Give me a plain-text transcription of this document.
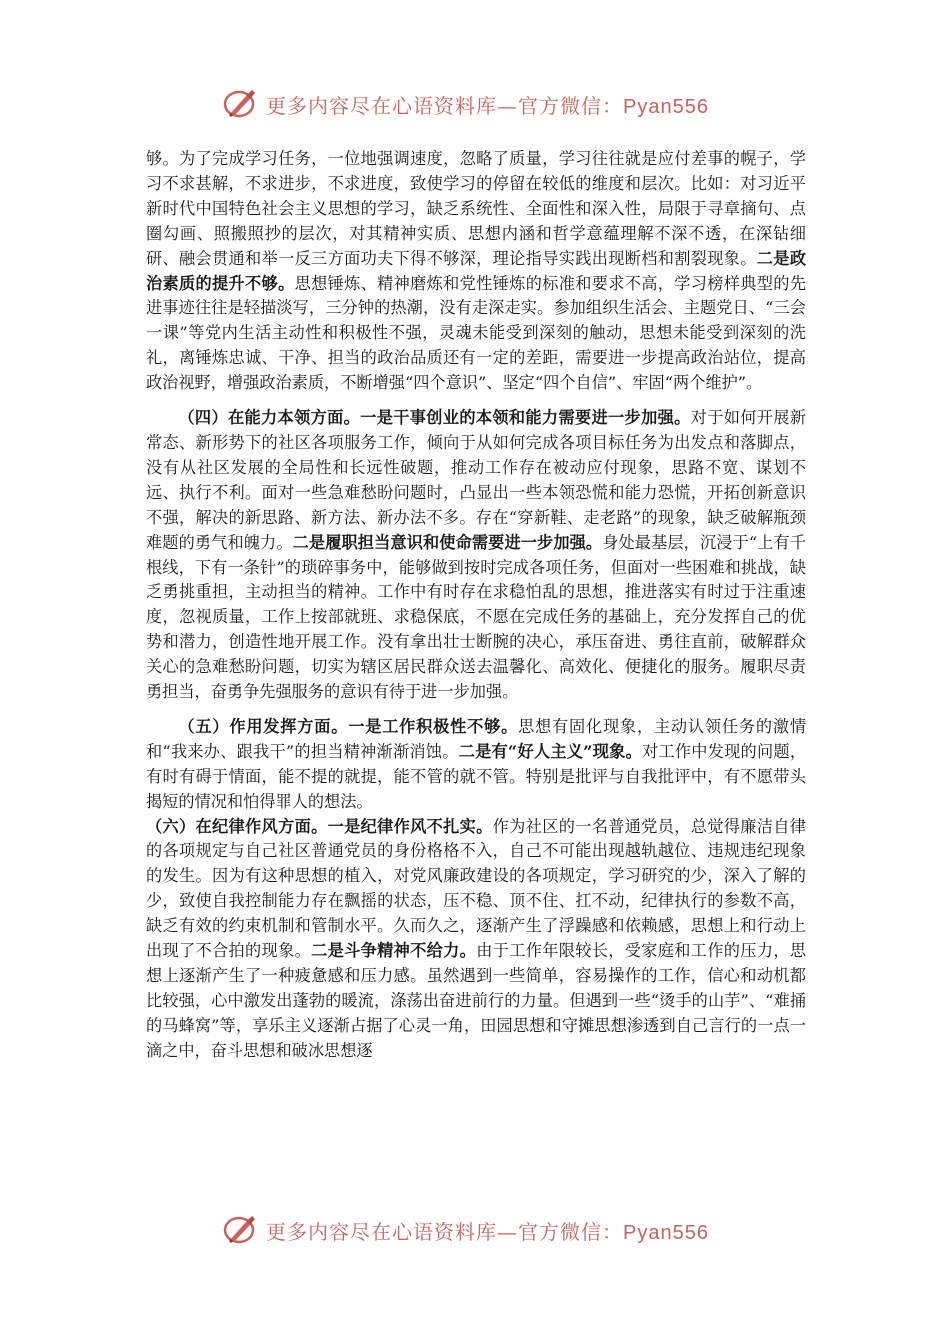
更多内容尽在心语资料库—官方微信：Pyan556

够。为了完成学习任务，一位地强调速度，忽略了质量，学习往往就是应付差事的幌子，学习不求甚解，不求进步，不求进度，致使学习的停留在较低的维度和层次。比如：对习近平新时代中国特色社会主义思想的学习，缺乏系统性、全面性和深入性，局限于寻章摘句、点圈勾画、照搬照抄的层次，对其精神实质、思想内涵和哲学意蕴理解不深不透，在深钻细研、融会贯通和举一反三方面功夫下得不够深，理论指导实践出现断档和割裂现象。二是政治素质的提升不够。思想锤炼、精神磨炼和党性锤炼的标准和要求不高，学习榜样典型的先进事迹往往是轻描淡写，三分钟的热潮，没有走深走实。参加组织生活会、主题党日、“三会一课”等党内生活主动性和积极性不强，灵魂未能受到深刻的触动，思想未能受到深刻的洗礼，离锤炼忠诚、干净、担当的政治品质还有一定的差距，需要进一步提高政治站位，提高政治视野，增强政治素质，不断增强“四个意识”、坚定“四个自信”、牢固“两个维护”。

（四）在能力本领方面。一是干事创业的本领和能力需要进一步加强。对于如何开展新常态、新形势下的社区各项服务工作，倾向于从如何完成各项目标任务为出发点和落脚点，没有从社区发展的全局性和长远性破题，推动工作存在被动应付现象，思路不宽、谋划不远、执行不利。面对一些急难愁盼问题时，凸显出一些本领恐慌和能力恐慌，开拓创新意识不强，解决的新思路、新方法、新办法不多。存在“穿新鞋、走老路”的现象，缺乏破解瓶颈难题的勇气和魄力。二是履职担当意识和使命需要进一步加强。身处最基层，沉浸于“上有千根线，下有一条针”的琐碎事务中，能够做到按时完成各项任务，但面对一些困难和挑战，缺乏勇挑重担，主动担当的精神。工作中有时存在求稳怕乱的思想，推进落实有时过于注重速度，忽视质量，工作上按部就班、求稳保底，不愿在完成任务的基础上，充分发挥自己的优势和潜力，创造性地开展工作。没有拿出壮士断腕的决心，承压奋进、勇往直前，破解群众关心的急难愁盼问题，切实为辖区居民群众送去温馨化、高效化、便捷化的服务。履职尽责勇担当，奋勇争先强服务的意识有待于进一步加强。

（五）作用发挥方面。一是工作积极性不够。思想有固化现象，主动认领任务的激情和“我来办、跟我干”的担当精神渐渐消蚀。二是有“好人主义”现象。对工作中发现的问题，有时有碍于情面，能不提的就提，能不管的就不管。特别是批评与自我批评中，有不愿带头揭短的情况和怕得罪人的想法。

（六）在纪律作风方面。一是纪律作风不扎实。作为社区的一名普通党员，总觉得廉洁自律的各项规定与自己社区普通党员的身份格格不入，自己不可能出现越轨越位、违规违纪现象的发生。因为有这种思想的植入，对党风廉政建设的各项规定，学习研究的少，深入了解的少，致使自我控制能力存在飘摇的状态，压不稳、顶不住、扛不动，纪律执行的参数不高，缺乏有效的约束机制和管制水平。久而久之，逐渐产生了浮躁感和依赖感，思想上和行动上出现了不合拍的现象。二是斗争精神不给力。由于工作年限较长，受家庭和工作的压力，思想上逐渐产生了一种疲惫感和压力感。虽然遇到一些简单，容易操作的工作，信心和动机都比较强，心中激发出蓬勃的暖流，涤荡出奋进前行的力量。但遇到一些“烫手的山芋”、“难捅的马蜂窝”等，享乐主义逐渐占据了心灵一角，田园思想和守摊思想渗透到自己言行的一点一滴之中，奋斗思想和破冰思想逐

更多内容尽在心语资料库—官方微信：Pyan556
